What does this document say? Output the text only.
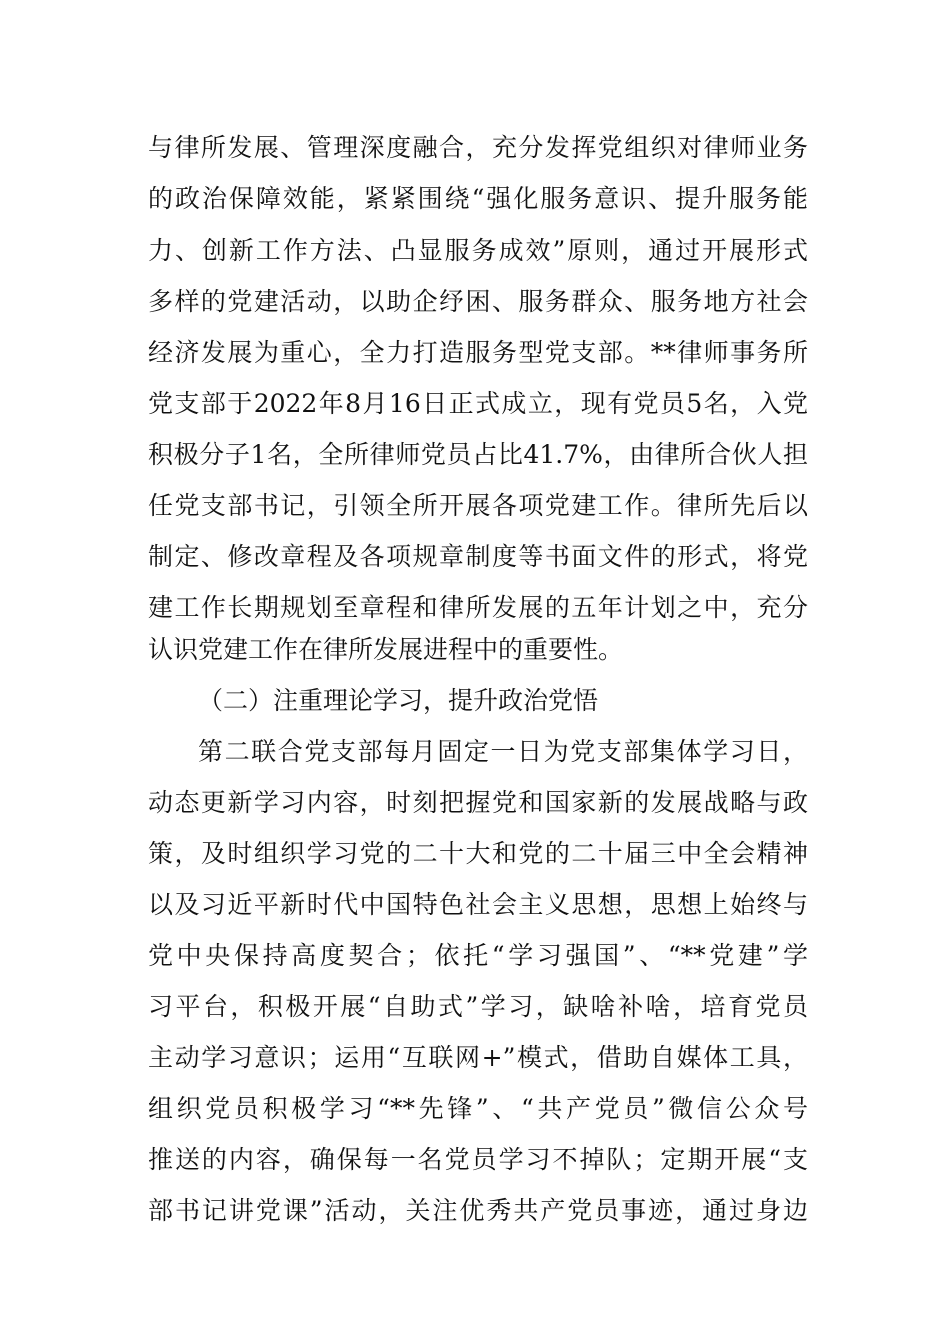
与律所发展、管理深度融合，充分发挥党组织对律师业务
的政治保障效能，紧紧围绕“强化服务意识、提升服务能
力、创新工作方法、凸显服务成效”原则，通过开展形式
多样的党建活动，以助企纾困、服务群众、服务地方社会
经济发展为重心，全力打造服务型党支部。**律师事务所
党支部于2022年8月16日正式成立，现有党员5名，入党
积极分子1名，全所律师党员占比41.7%，由律所合伙人担
任党支部书记，引领全所开展各项党建工作。律所先后以
制定、修改章程及各项规章制度等书面文件的形式，将党
建工作长期规划至章程和律所发展的五年计划之中，充分
认识党建工作在律所发展进程中的重要性。
（二）注重理论学习，提升政治党悟
第二联合党支部每月固定一日为党支部集体学习日，
动态更新学习内容，时刻把握党和国家新的发展战略与政
策，及时组织学习党的二十大和党的二十届三中全会精神
以及习近平新时代中国特色社会主义思想，思想上始终与
党中央保持高度契合；依托“学习强国”、“**党建”学
习平台，积极开展“自助式”学习，缺啥补啥，培育党员
主动学习意识；运用“互联网+”模式，借助自媒体工具，
组织党员积极学习“**先锋”、“共产党员”微信公众号
推送的内容，确保每一名党员学习不掉队；定期开展“支
部书记讲党课”活动，关注优秀共产党员事迹，通过身边
